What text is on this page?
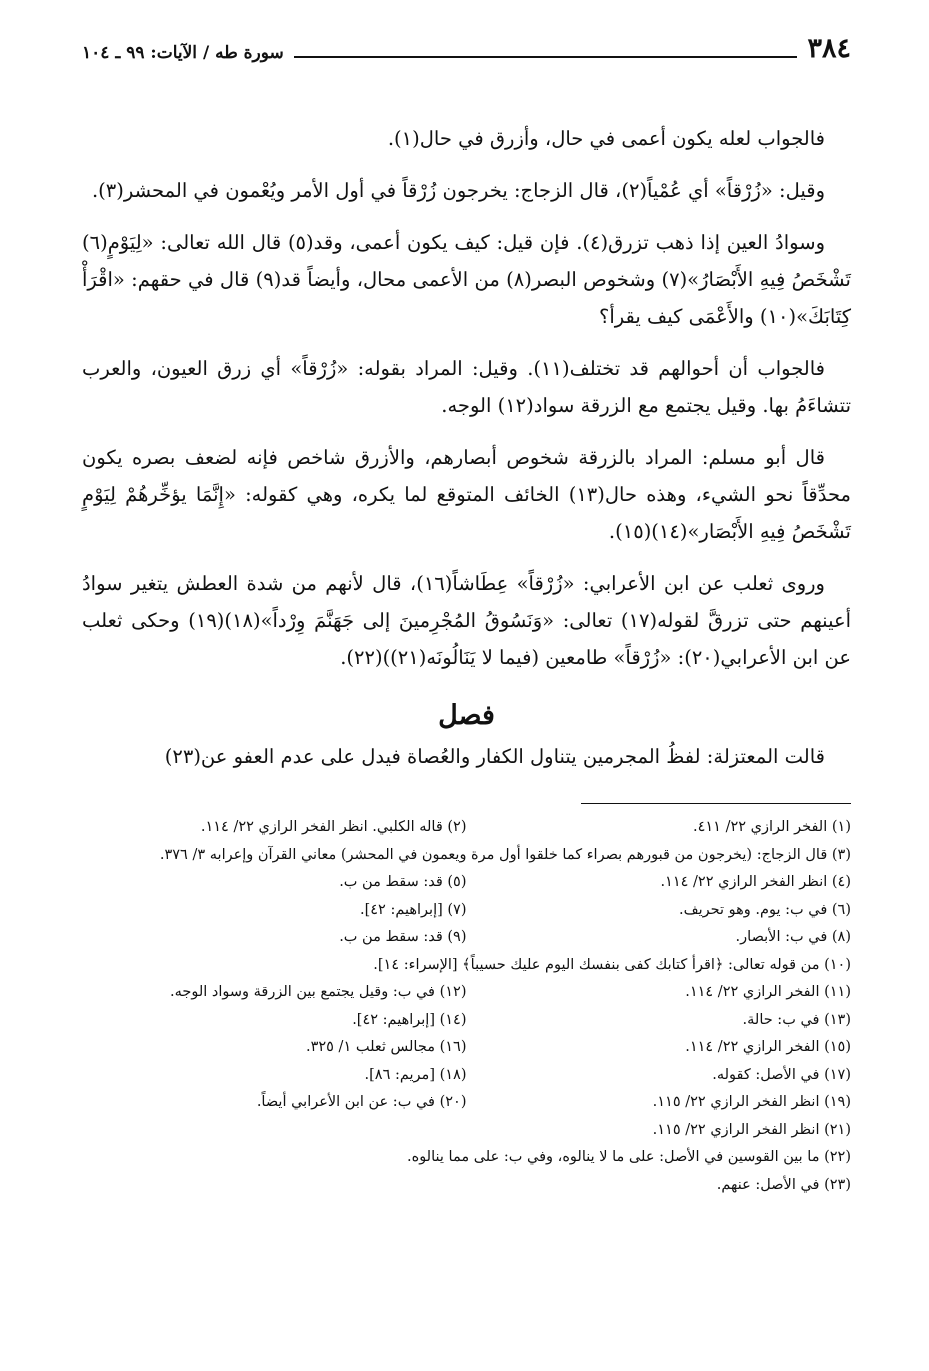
٣٨٤
سورة طه / الآيات: ٩٩ ـ ١٠٤

فالجواب لعله يكون أعمى في حال، وأزرق في حال(١).

وقيل: «زُرْقاً» أي عُمْياً(٢)، قال الزجاج: يخرجون زُرْقاً في أول الأمر ويُعْمون في المحشر(٣).

وسوادُ العين إذا ذهب تزرق(٤). فإن قيل: كيف يكون أعمى، وقد(٥) قال الله تعالى: «لِيَوْمٍ(٦) تَشْخَصُ فِيهِ الأَبْصَارُ»(٧) وشخوص البصر(٨) من الأعمى محال، وأيضاً قد(٩) قال في حقهم: «اقْرَأْ كِتَابَكَ»(١٠) والأَعْمَى كيف يقرأ؟

فالجواب أن أحوالهم قد تختلف(١١). وقيل: المراد بقوله: «زُرْقاً» أي زرق العيون، والعرب تتشاءَمُ بها. وقيل يجتمع مع الزرقة سواد(١٢) الوجه.

قال أبو مسلم: المراد بالزرقة شخوص أبصارهم، والأزرق شاخص فإنه لضعف بصره يكون محدِّقاً نحو الشيء، وهذه حال(١٣) الخائف المتوقع لما يكره، وهي كقوله: «إِنَّمَا يؤخِّرهُمْ لِيَوْمٍ تَشْخَصُ فِيهِ الأَبْصَار»(١٤)(١٥).

وروى ثعلب عن ابن الأعرابي: «زُرْقاً» عِطَاشاً(١٦)، قال لأنهم من شدة العطش يتغير سوادُ أعينهم حتى تزرقَّ لقوله(١٧) تعالى: «وَنَسُوقُ المُجْرِمينَ إلى جَهَنَّمَ وِرْداً»(١٨)(١٩) وحكى ثعلب عن ابن الأعرابي(٢٠): «زُرْقاً» طامعين (فيما لا يَنَالُونَه(٢١))(٢٢).

فصل

قالت المعتزلة: لفظُ المجرمين يتناول الكفار والعُصاة فيدل على عدم العفو عن(٢٣)

(١) الفخر الرازي ٢٢/ ٤١١.
(٢) قاله الكلبي. انظر الفخر الرازي ٢٢/ ١١٤.
(٣) قال الزجاج: (يخرجون من قبورهم بصراء كما خلقوا أول مرة ويعمون في المحشر) معاني القرآن وإعرابه ٣/ ٣٧٦.
(٤) انظر الفخر الرازي ٢٢/ ١١٤.
(٥) قد: سقط من ب.
(٦) في ب: يوم. وهو تحريف.
(٧) [إبراهيم: ٤٢].
(٨) في ب: الأبصار.
(٩) قد: سقط من ب.
(١٠) من قوله تعالى: ﴿اقرأ كتابك كفى بنفسك اليوم عليك حسيباً﴾ [الإسراء: ١٤].
(١١) الفخر الرازي ٢٢/ ١١٤.
(١٢) في ب: وقيل يجتمع بين الزرقة وسواد الوجه.
(١٣) في ب: حالة.
(١٤) [إبراهيم: ٤٢].
(١٥) الفخر الرازي ٢٢/ ١١٤.
(١٦) مجالس ثعلب ١/ ٣٢٥.
(١٧) في الأصل: كقوله.
(١٨) [مريم: ٨٦].
(١٩) انظر الفخر الرازي ٢٢/ ١١٥.
(٢٠) في ب: عن ابن الأعرابي أيضاً.
(٢١) انظر الفخر الرازي ٢٢/ ١١٥.
(٢٢) ما بين القوسين في الأصل: على ما لا ينالوه، وفي ب: على مما ينالوه.
(٢٣) في الأصل: عنهم.
